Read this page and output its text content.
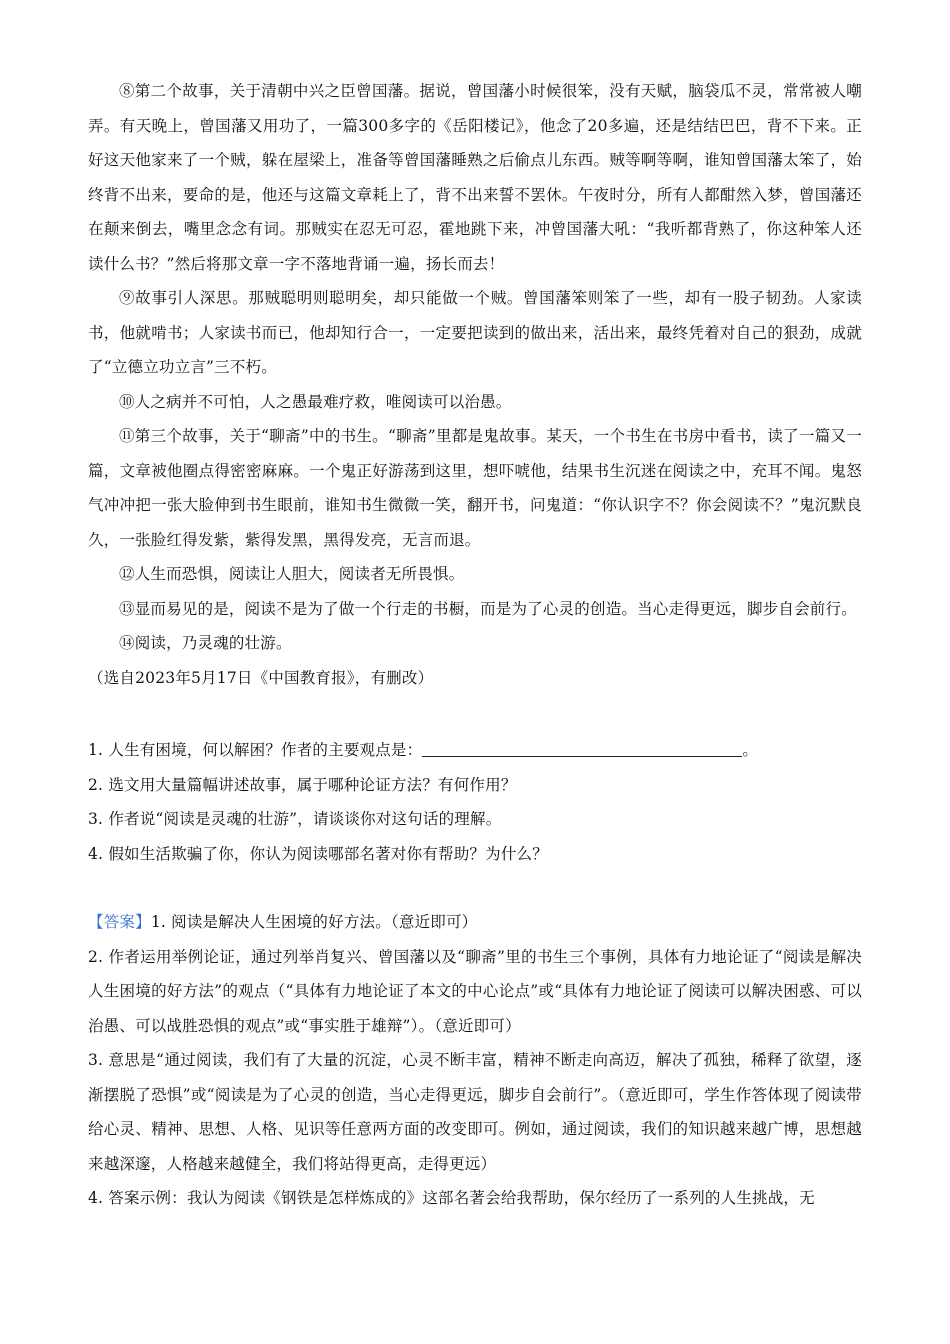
⑧第二个故事，关于清朝中兴之臣曾国藩。据说，曾国藩小时候很笨，没有天赋，脑袋瓜不灵，常常被人嘲弄。有天晚上，曾国藩又用功了，一篇300多字的《岳阳楼记》，他念了20多遍，还是结结巴巴，背不下来。正好这天他家来了一个贼，躲在屋梁上，准备等曾国藩睡熟之后偷点儿东西。贼等啊等啊，谁知曾国藩太笨了，始终背不出来，要命的是，他还与这篇文章耗上了，背不出来誓不罢休。午夜时分，所有人都酣然入梦，曾国藩还在颠来倒去，嘴里念念有词。那贼实在忍无可忍，霍地跳下来，冲曾国藩大吼：“我听都背熟了，你这种笨人还读什么书？”然后将那文章一字不落地背诵一遍，扬长而去！

⑨故事引人深思。那贼聪明则聪明矣，却只能做一个贼。曾国藩笨则笨了一些，却有一股子韧劲。人家读书，他就啃书；人家读书而已，他却知行合一，一定要把读到的做出来，活出来，最终凭着对自己的狠劲，成就了“立德立功立言”三不朽。

⑩人之病并不可怕，人之愚最难疗救，唯阅读可以治愚。

⑪第三个故事，关于“聊斋”中的书生。“聊斋”里都是鬼故事。某天，一个书生在书房中看书，读了一篇又一篇，文章被他圈点得密密麻麻。一个鬼正好游荡到这里，想吓唬他，结果书生沉迷在阅读之中，充耳不闻。鬼怒气冲冲把一张大脸伸到书生眼前，谁知书生微微一笑，翻开书，问鬼道：“你认识字不？你会阅读不？”鬼沉默良久，一张脸红得发紫，紫得发黑，黑得发亮，无言而退。

⑫人生而恐惧，阅读让人胆大，阅读者无所畏惧。

⑬显而易见的是，阅读不是为了做一个行走的书橱，而是为了心灵的创造。当心走得更远，脚步自会前行。

⑭阅读，乃灵魂的壮游。

（选自2023年5月17日《中国教育报》，有删改）

1. 人生有困境，何以解困？作者的主要观点是：	。

2. 选文用大量篇幅讲述故事，属于哪种论证方法？有何作用？

3. 作者说“阅读是灵魂的壮游”，请谈谈你对这句话的理解。

4. 假如生活欺骗了你，你认为阅读哪部名著对你有帮助？为什么？

【答案】1. 阅读是解决人生困境的好方法。（意近即可）

2. 作者运用举例论证，通过列举肖复兴、曾国藩以及“聊斋”里的书生三个事例，具体有力地论证了“阅读是解决人生困境的好方法”的观点（“具体有力地论证了本文的中心论点”或“具体有力地论证了阅读可以解决困惑、可以治愚、可以战胜恐惧的观点”或“事实胜于雄辩”）。（意近即可）

3. 意思是“通过阅读，我们有了大量的沉淀，心灵不断丰富，精神不断走向高迈，解决了孤独，稀释了欲望，逐渐摆脱了恐惧”或“阅读是为了心灵的创造，当心走得更远，脚步自会前行”。（意近即可，学生作答体现了阅读带给心灵、精神、思想、人格、见识等任意两方面的改变即可。例如，通过阅读，我们的知识越来越广博，思想越来越深邃，人格越来越健全，我们将站得更高，走得更远）

4. 答案示例：我认为阅读《钢铁是怎样炼成的》这部名著会给我帮助，保尔经历了一系列的人生挑战，无
